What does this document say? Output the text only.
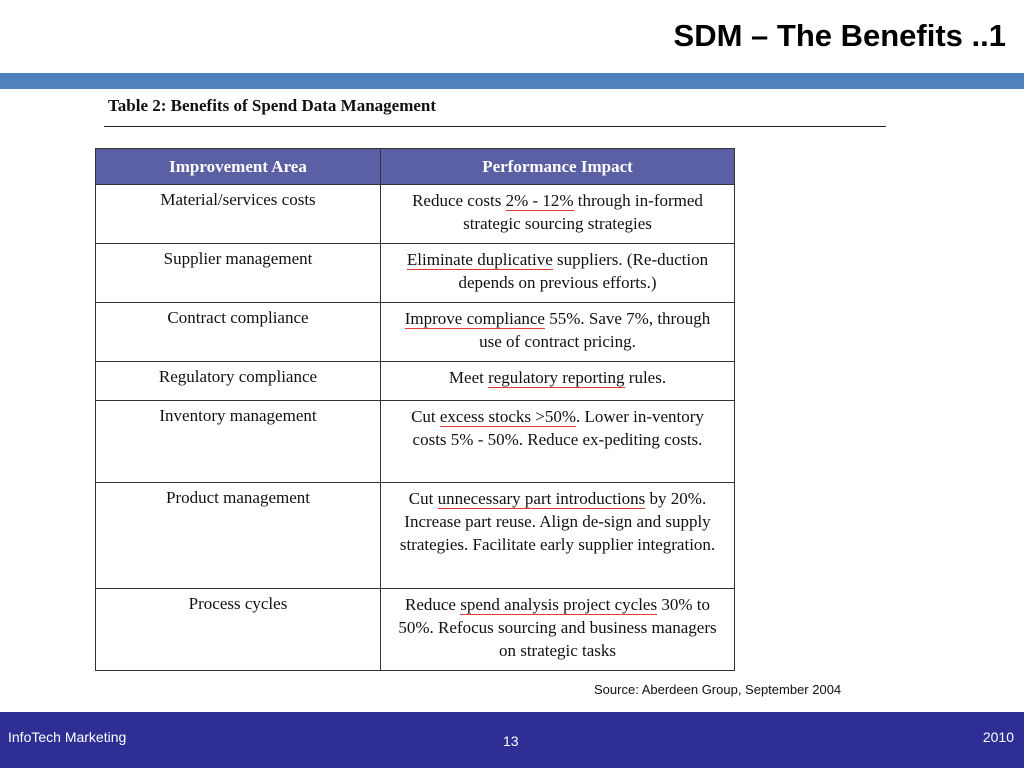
SDM – The Benefits ..1
Table 2: Benefits of Spend Data Management
Improvement Area	Performance Impact
Material/services costs	Reduce costs 2% - 12% through in-formed strategic sourcing strategies
Supplier management	Eliminate duplicative suppliers. (Re-duction depends on previous efforts.)
Contract compliance	Improve compliance 55%. Save 7%, through use of contract pricing.
Regulatory compliance	Meet regulatory reporting rules.
Inventory management	Cut excess stocks >50%. Lower in-ventory costs 5% - 50%. Reduce ex-pediting costs.
Product management	Cut unnecessary part introductions by 20%. Increase part reuse. Align de-sign and supply strategies. Facilitate early supplier integration.
Process cycles	Reduce spend analysis project cycles 30% to 50%. Refocus sourcing and business managers on strategic tasks
Source: Aberdeen Group, September 2004
InfoTech Marketing	13	2010
